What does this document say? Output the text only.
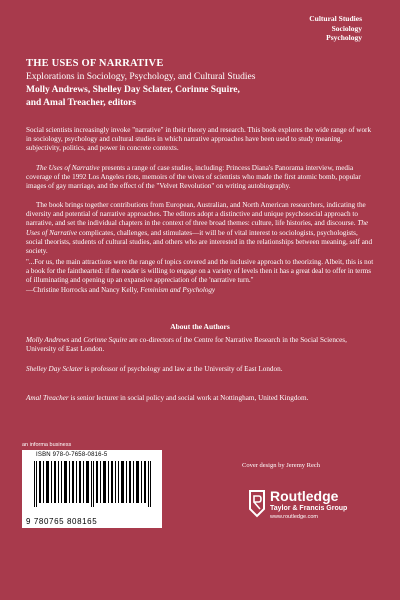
Cultural Studies
Sociology
Psychology
THE USES OF NARRATIVE
Explorations in Sociology, Psychology, and Cultural Studies
Molly Andrews, Shelley Day Sclater, Corinne Squire,
and Amal Treacher, editors

Social scientists increasingly invoke "narrative" in their theory and research. This book explores the wide range of work in sociology, psychology and cultural studies in which narrative approaches have been used to study meaning, subjectivity, politics, and power in concrete contexts.

The Uses of Narrative presents a range of case studies, including: Princess Diana's Panorama interview, media coverage of the 1992 Los Angeles riots, memoirs of the wives of scientists who made the first atomic bomb, popular images of gay marriage, and the effect of the "Velvet Revolution" on writing autobiography.

The book brings together contributions from European, Australian, and North American researchers, indicating the diversity and potential of narrative approaches. The editors adopt a distinctive and unique psychosocial approach to narrative, and set the individual chapters in the context of three broad themes: culture, life histories, and discourse. The Uses of Narrative complicates, challenges, and stimulates—it will be of vital interest to sociologists, psychologists, social theorists, students of cultural studies, and others who are interested in the relationships between meaning, self and society.

"...For us, the main attractions were the range of topics covered and the inclusive approach to theorizing. Albeit, this is not a book for the fainthearted: if the reader is willing to engage on a variety of levels then it has a great deal to offer in terms of illuminating and opening up an expansive appreciation of the 'narrative turn."

—Christine Horrocks and Nancy Kelly, Feminism and Psychology

About the Authors

Molly Andrews and Corinne Squire are co-directors of the Centre for Narrative Research in the Social Sciences, University of East London.

Shelley Day Sclater is professor of psychology and law at the University of East London.

Amal Treacher is senior lecturer in social policy and social work at Nottingham, United Kingdom.

an informa business
ISBN 978-0-7658-0816-5
9 780765 808165
Cover design by Jeremy Rech
Routledge
Taylor & Francis Group
www.routledge.com
